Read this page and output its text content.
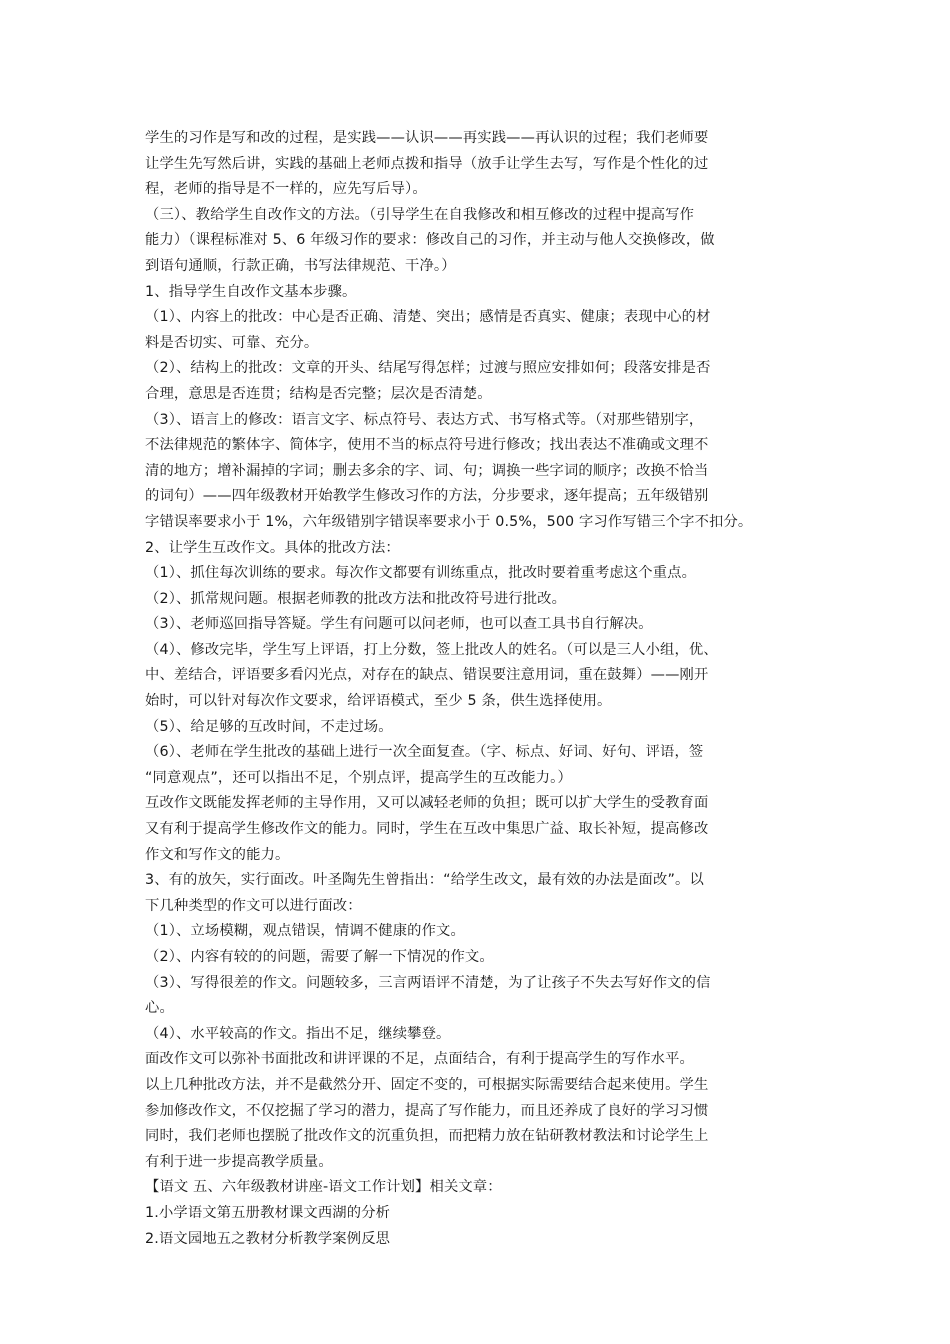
学生的习作是写和改的过程，是实践——认识——再实践——再认识的过程；我们老师要
让学生先写然后讲，实践的基础上老师点拨和指导（放手让学生去写，写作是个性化的过
程，老师的指导是不一样的，应先写后导）。
（三）、教给学生自改作文的方法。（引导学生在自我修改和相互修改的过程中提高写作
能力）（课程标准对 5、6 年级习作的要求：修改自己的习作，并主动与他人交换修改，做
到语句通顺，行款正确，书写法律规范、干净。）
1、指导学生自改作文基本步骤。
（1）、内容上的批改：中心是否正确、清楚、突出；感情是否真实、健康；表现中心的材
料是否切实、可靠、充分。
（2）、结构上的批改：文章的开头、结尾写得怎样；过渡与照应安排如何；段落安排是否
合理，意思是否连贯；结构是否完整；层次是否清楚。
（3）、语言上的修改：语言文字、标点符号、表达方式、书写格式等。（对那些错别字，
不法律规范的繁体字、简体字，使用不当的标点符号进行修改；找出表达不准确或文理不
清的地方；增补漏掉的字词；删去多余的字、词、句；调换一些字词的顺序；改换不恰当
的词句）——四年级教材开始教学生修改习作的方法，分步要求，逐年提高；五年级错别
字错误率要求小于 1%，六年级错别字错误率要求小于 0.5%，500 字习作写错三个字不扣分。
2、让学生互改作文。具体的批改方法：
（1）、抓住每次训练的要求。每次作文都要有训练重点，批改时要着重考虑这个重点。
（2）、抓常规问题。根据老师教的批改方法和批改符号进行批改。
（3）、老师巡回指导答疑。学生有问题可以问老师，也可以查工具书自行解决。
（4）、修改完毕，学生写上评语，打上分数，签上批改人的姓名。（可以是三人小组，优、
中、差结合，评语要多看闪光点，对存在的缺点、错误要注意用词，重在鼓舞）——刚开
始时，可以针对每次作文要求，给评语模式，至少 5 条，供生选择使用。
（5）、给足够的互改时间，不走过场。
（6）、老师在学生批改的基础上进行一次全面复查。（字、标点、好词、好句、评语，签
“同意观点”，还可以指出不足，个别点评，提高学生的互改能力。）
互改作文既能发挥老师的主导作用，又可以减轻老师的负担；既可以扩大学生的受教育面
又有利于提高学生修改作文的能力。同时，学生在互改中集思广益、取长补短，提高修改
作文和写作文的能力。
3、有的放矢，实行面改。叶圣陶先生曾指出：“给学生改文，最有效的办法是面改”。以
下几种类型的作文可以进行面改：
（1）、立场模糊，观点错误，情调不健康的作文。
（2）、内容有较的的问题，需要了解一下情况的作文。
（3）、写得很差的作文。问题较多，三言两语评不清楚，为了让孩子不失去写好作文的信
心。
（4）、水平较高的作文。指出不足，继续攀登。
面改作文可以弥补书面批改和讲评课的不足，点面结合，有利于提高学生的写作水平。
以上几种批改方法，并不是截然分开、固定不变的，可根据实际需要结合起来使用。学生
参加修改作文，不仅挖掘了学习的潜力，提高了写作能力，而且还养成了良好的学习习惯
同时，我们老师也摆脱了批改作文的沉重负担，而把精力放在钻研教材教法和讨论学生上
有利于进一步提高教学质量。
【语文 五、六年级教材讲座-语文工作计划】相关文章：
1.小学语文第五册教材课文西湖的分析
2.语文园地五之教材分析教学案例反思
